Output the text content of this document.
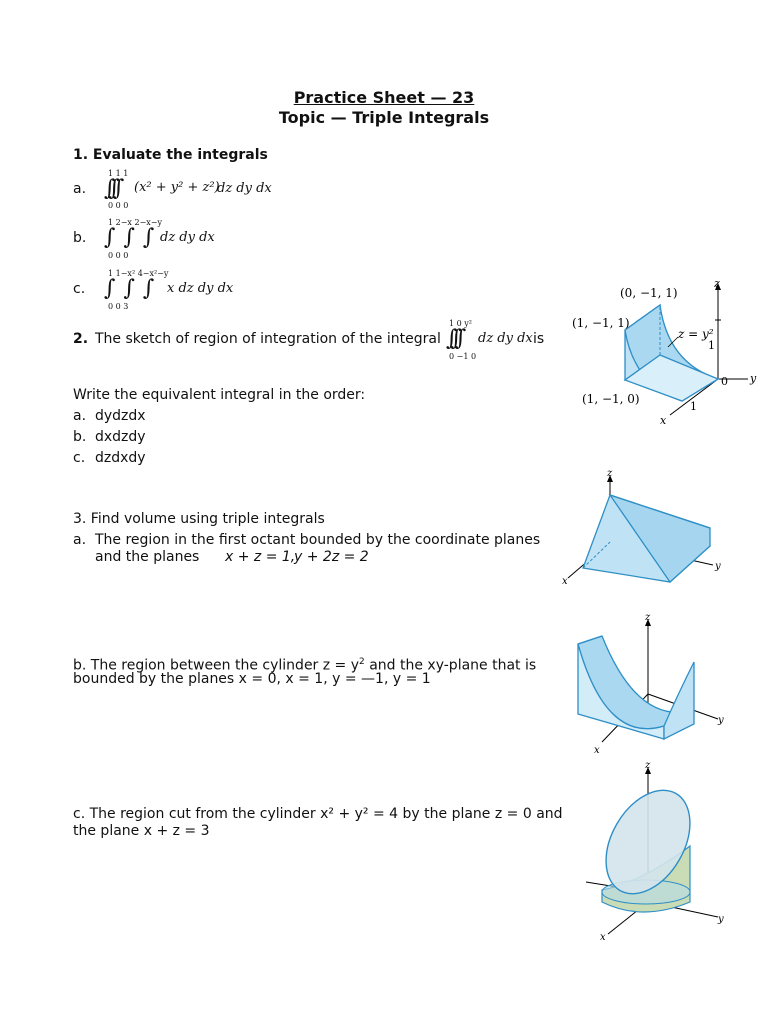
Practice Sheet — 23
Topic — Triple Integrals
1. Evaluate the integrals
a.
1 1 1
∫∫∫
0 0 0
(x² + y² + z²)
dz dy dx
b.
1 2−x 2−x−y
∫∫∫
0 0 0
dz dy dx
c.
1 1−x² 4−x²−y
∫∫∫
0 0 3
x dz dy dx
2. The sketch of region of integration of the integral
1 0 y²
∫∫∫
0 −1 0
dz dy dx is
Write the equivalent integral in the order:
a. dydzdx
b. dxdzdy
c. dzdxdy
(0, −1, 1)
(1, −1, 1)
(1, −1, 0)
z = y²
z
y
x
1
1
0
3. Find volume using triple integrals
a. The region in the first octant bounded by the coordinate planes
and the planes x + z = 1,
y + 2z = 2
b. The region between the cylinder $z = y^2$ and the xy-plane that is
bounded by the planes x = 0, x = 1, y = —1, y = 1
c. The region cut from the cylinder x² + y² = 4 by the plane z = 0 and
the plane x + z = 3
z
y
x
z
y
x
z
y
x
